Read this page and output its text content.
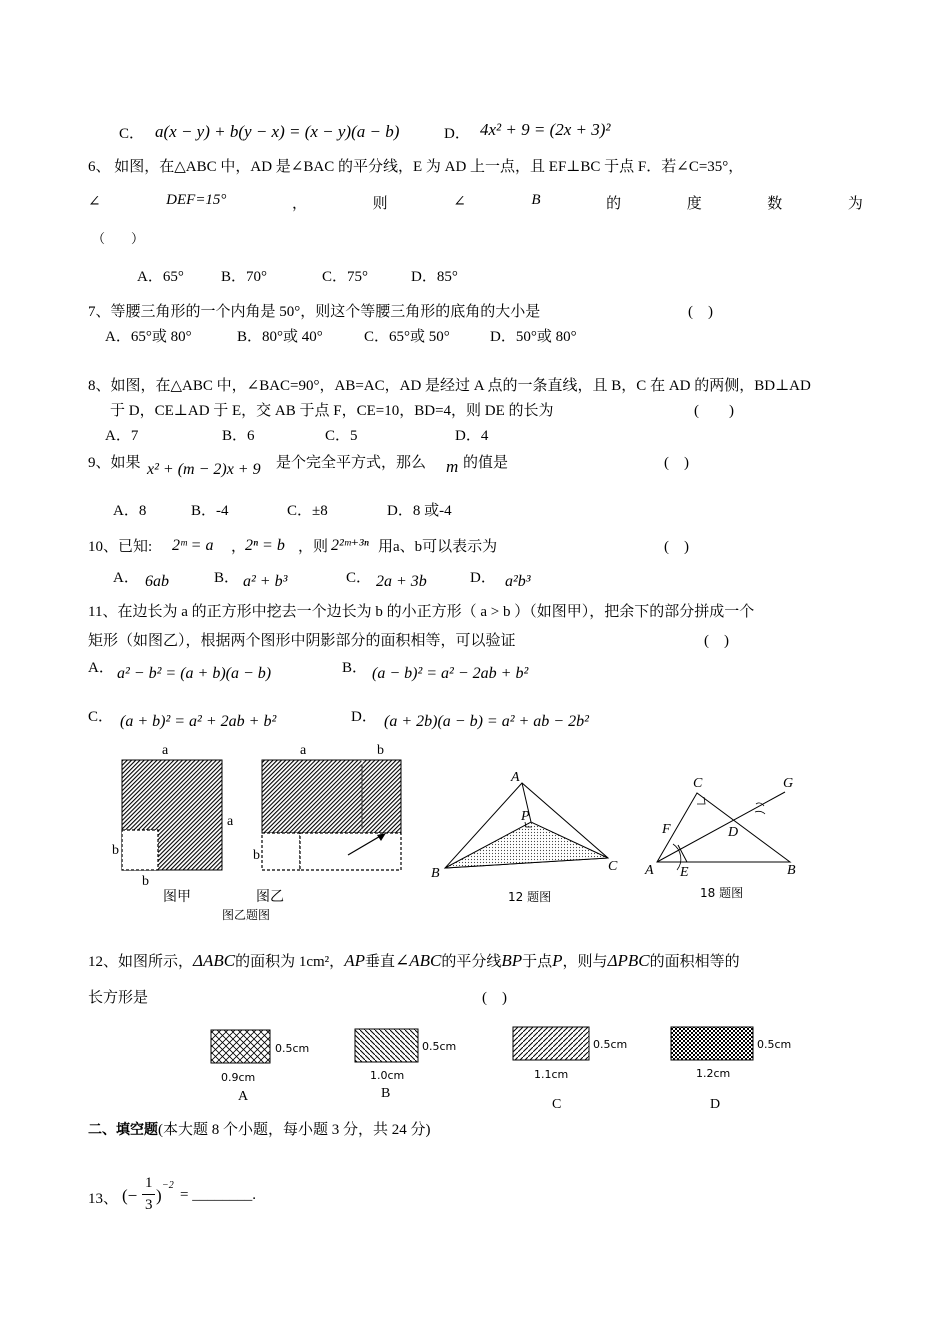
C． a(x − y) + b(y − x) = (x − y)(a − b)	D． 4x² + 9 = (2x + 3)²
6、 如图，在△ABC 中，AD 是∠BAC 的平分线，E 为 AD 上一点，且 EF⊥BC 于点 F．若∠C=35°，
∠	DEF=15°	，	则	∠	B	的	度	数	为
（　　）
A．65° B．70°	C．75°	D．85°
7、等腰三角形的一个内角是 50°，则这个等腰三角形的底角的大小是	(　)
A．65°或 80°	B．80°或 40°	C．65°或 50°	D．50°或 80°
8、如图，在△ABC 中，∠BAC=90°，AB=AC，AD 是经过 A 点的一条直线，且 B，C 在 AD 的两侧，BD⊥AD
于 D，CE⊥AD 于 E，交 AB 于点 F，CE=10，BD=4，则 DE 的长为	(　　)
A．7	B．6	C．5	D．4
9、如果 x² + (m − 2)x + 9 是个完全平方式，那么 m 的值是	(　)
A．8	B．-4	C．±8	D．8 或-4
10、已知: 2ᵐ = a ，
2ⁿ = b ，则 2²ᵐ⁺³ⁿ 用a、b可以表示为	(　)
A． 6ab	B． a² + b³	C． 2a + 3b	D． a²b³
11、在边长为 a 的正方形中挖去一个边长为 b 的小正方形（ a > b ）（如图甲），把余下的部分拼成一个
矩形（如图乙），根据两个图形中阴影部分的面积相等，可以验证	(　)
A． a² − b² = (a + b)(a − b)	B． (a − b)² = a² − 2ab + b²
C． (a + b)² = a² + 2ab + b²	D． (a + 2b)(a − b) = a² + ab − 2b²
a
a
b
b
图甲
a	b
b
图乙
图乙题图
A
B	C
P
12 题图
C	G
F	D
A E	B
18 题图
12、如图所示，ΔABC的面积为 1cm²，AP垂直∠ABC的平分线BP于点P，则与ΔPBC的面积相等的
长方形是	(　)
0.5cm
0.9cm
A
0.5cm
1.0cm
B
0.5cm
1.1cm
C
0.5cm
1.2cm
D
二、填空题(本大题 8 个小题，每小题 3 分，共 24 分)
13、 (−
1
3 )
−2
= ________.
